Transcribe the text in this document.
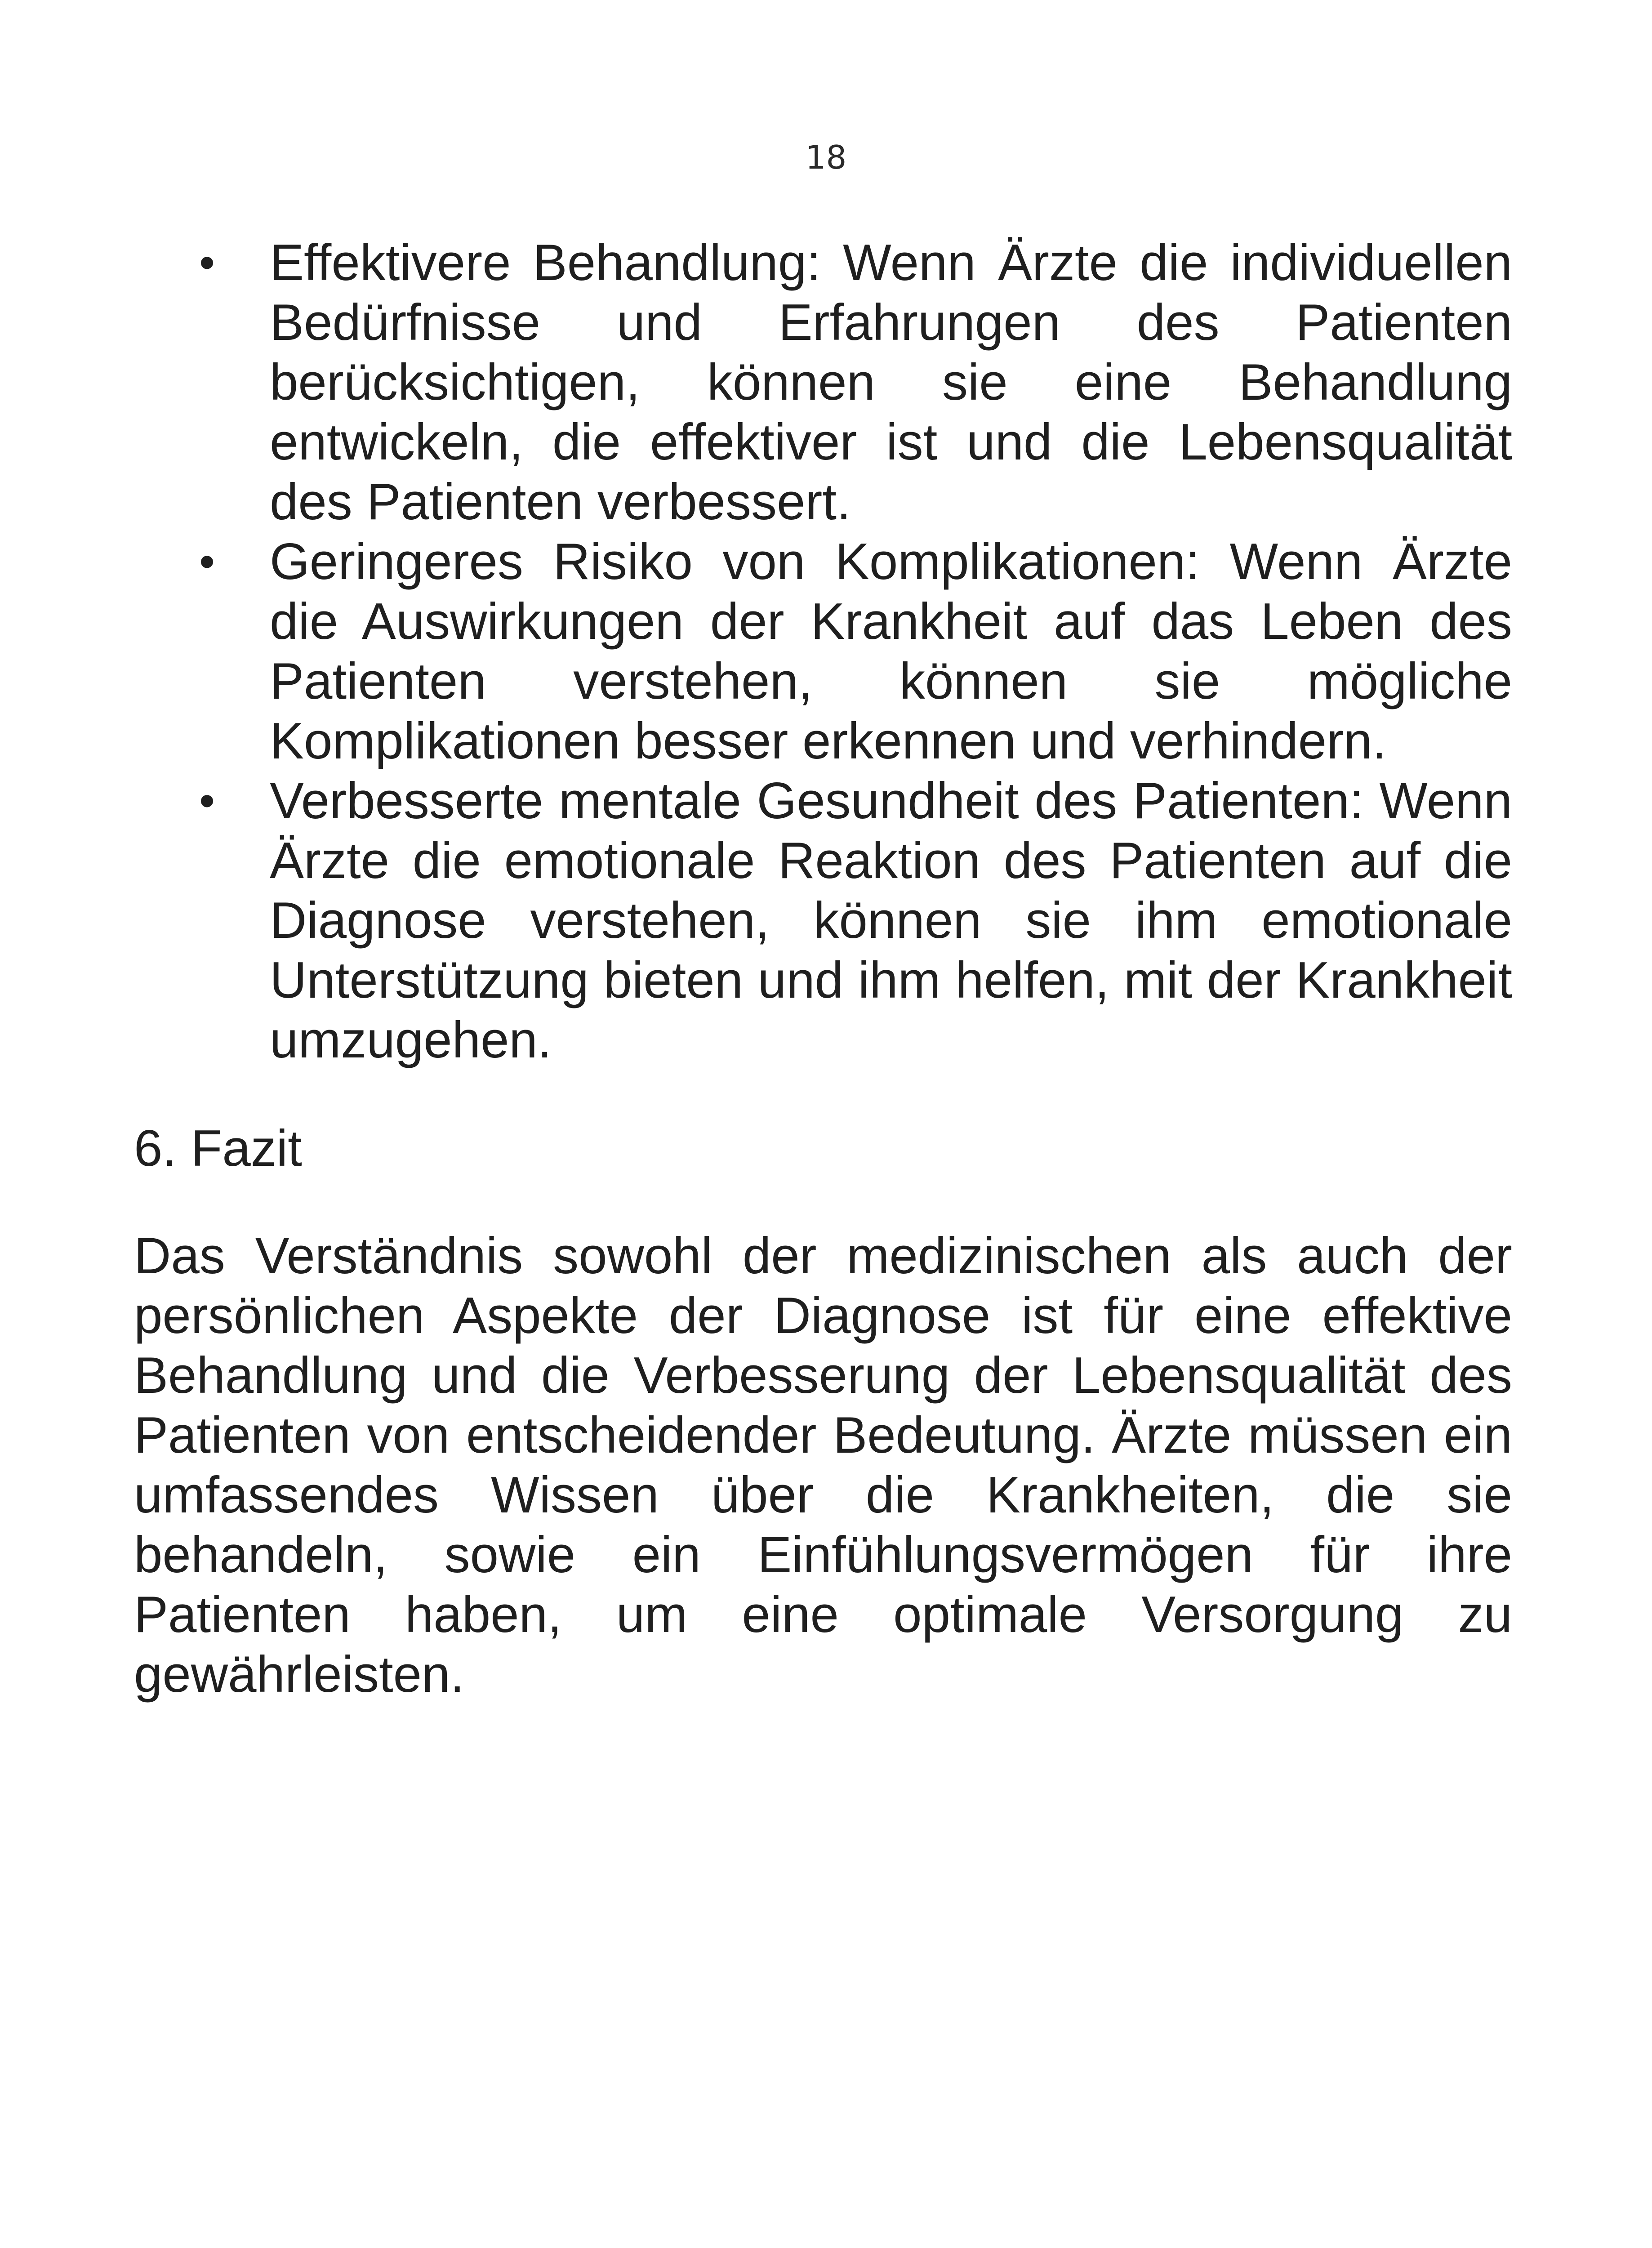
18
• Effektivere Behandlung: Wenn Ärzte die individuellen Bedürfnisse und Erfahrungen des Patienten berücksichtigen, können sie eine Behandlung entwickeln, die effektiver ist und die Lebensqualität des Patienten verbessert.
• Geringeres Risiko von Komplikationen: Wenn Ärzte die Auswirkungen der Krankheit auf das Leben des Patienten verstehen, können sie mögliche Komplikationen besser erkennen und verhindern.
• Verbesserte mentale Gesundheit des Patienten: Wenn Ärzte die emotionale Reaktion des Patienten auf die Diagnose verstehen, können sie ihm emotionale Unterstützung bieten und ihm helfen, mit der Krankheit umzugehen.
6. Fazit

Das Verständnis sowohl der medizinischen als auch der persönlichen Aspekte der Diagnose ist für eine effektive Behandlung und die Verbesserung der Lebensqualität des Patienten von entscheidender Bedeutung. Ärzte müssen ein umfassendes Wissen über die Krankheiten, die sie behandeln, sowie ein Einfühlungsvermögen für ihre Patienten haben, um eine optimale Versorgung zu gewährleisten.
